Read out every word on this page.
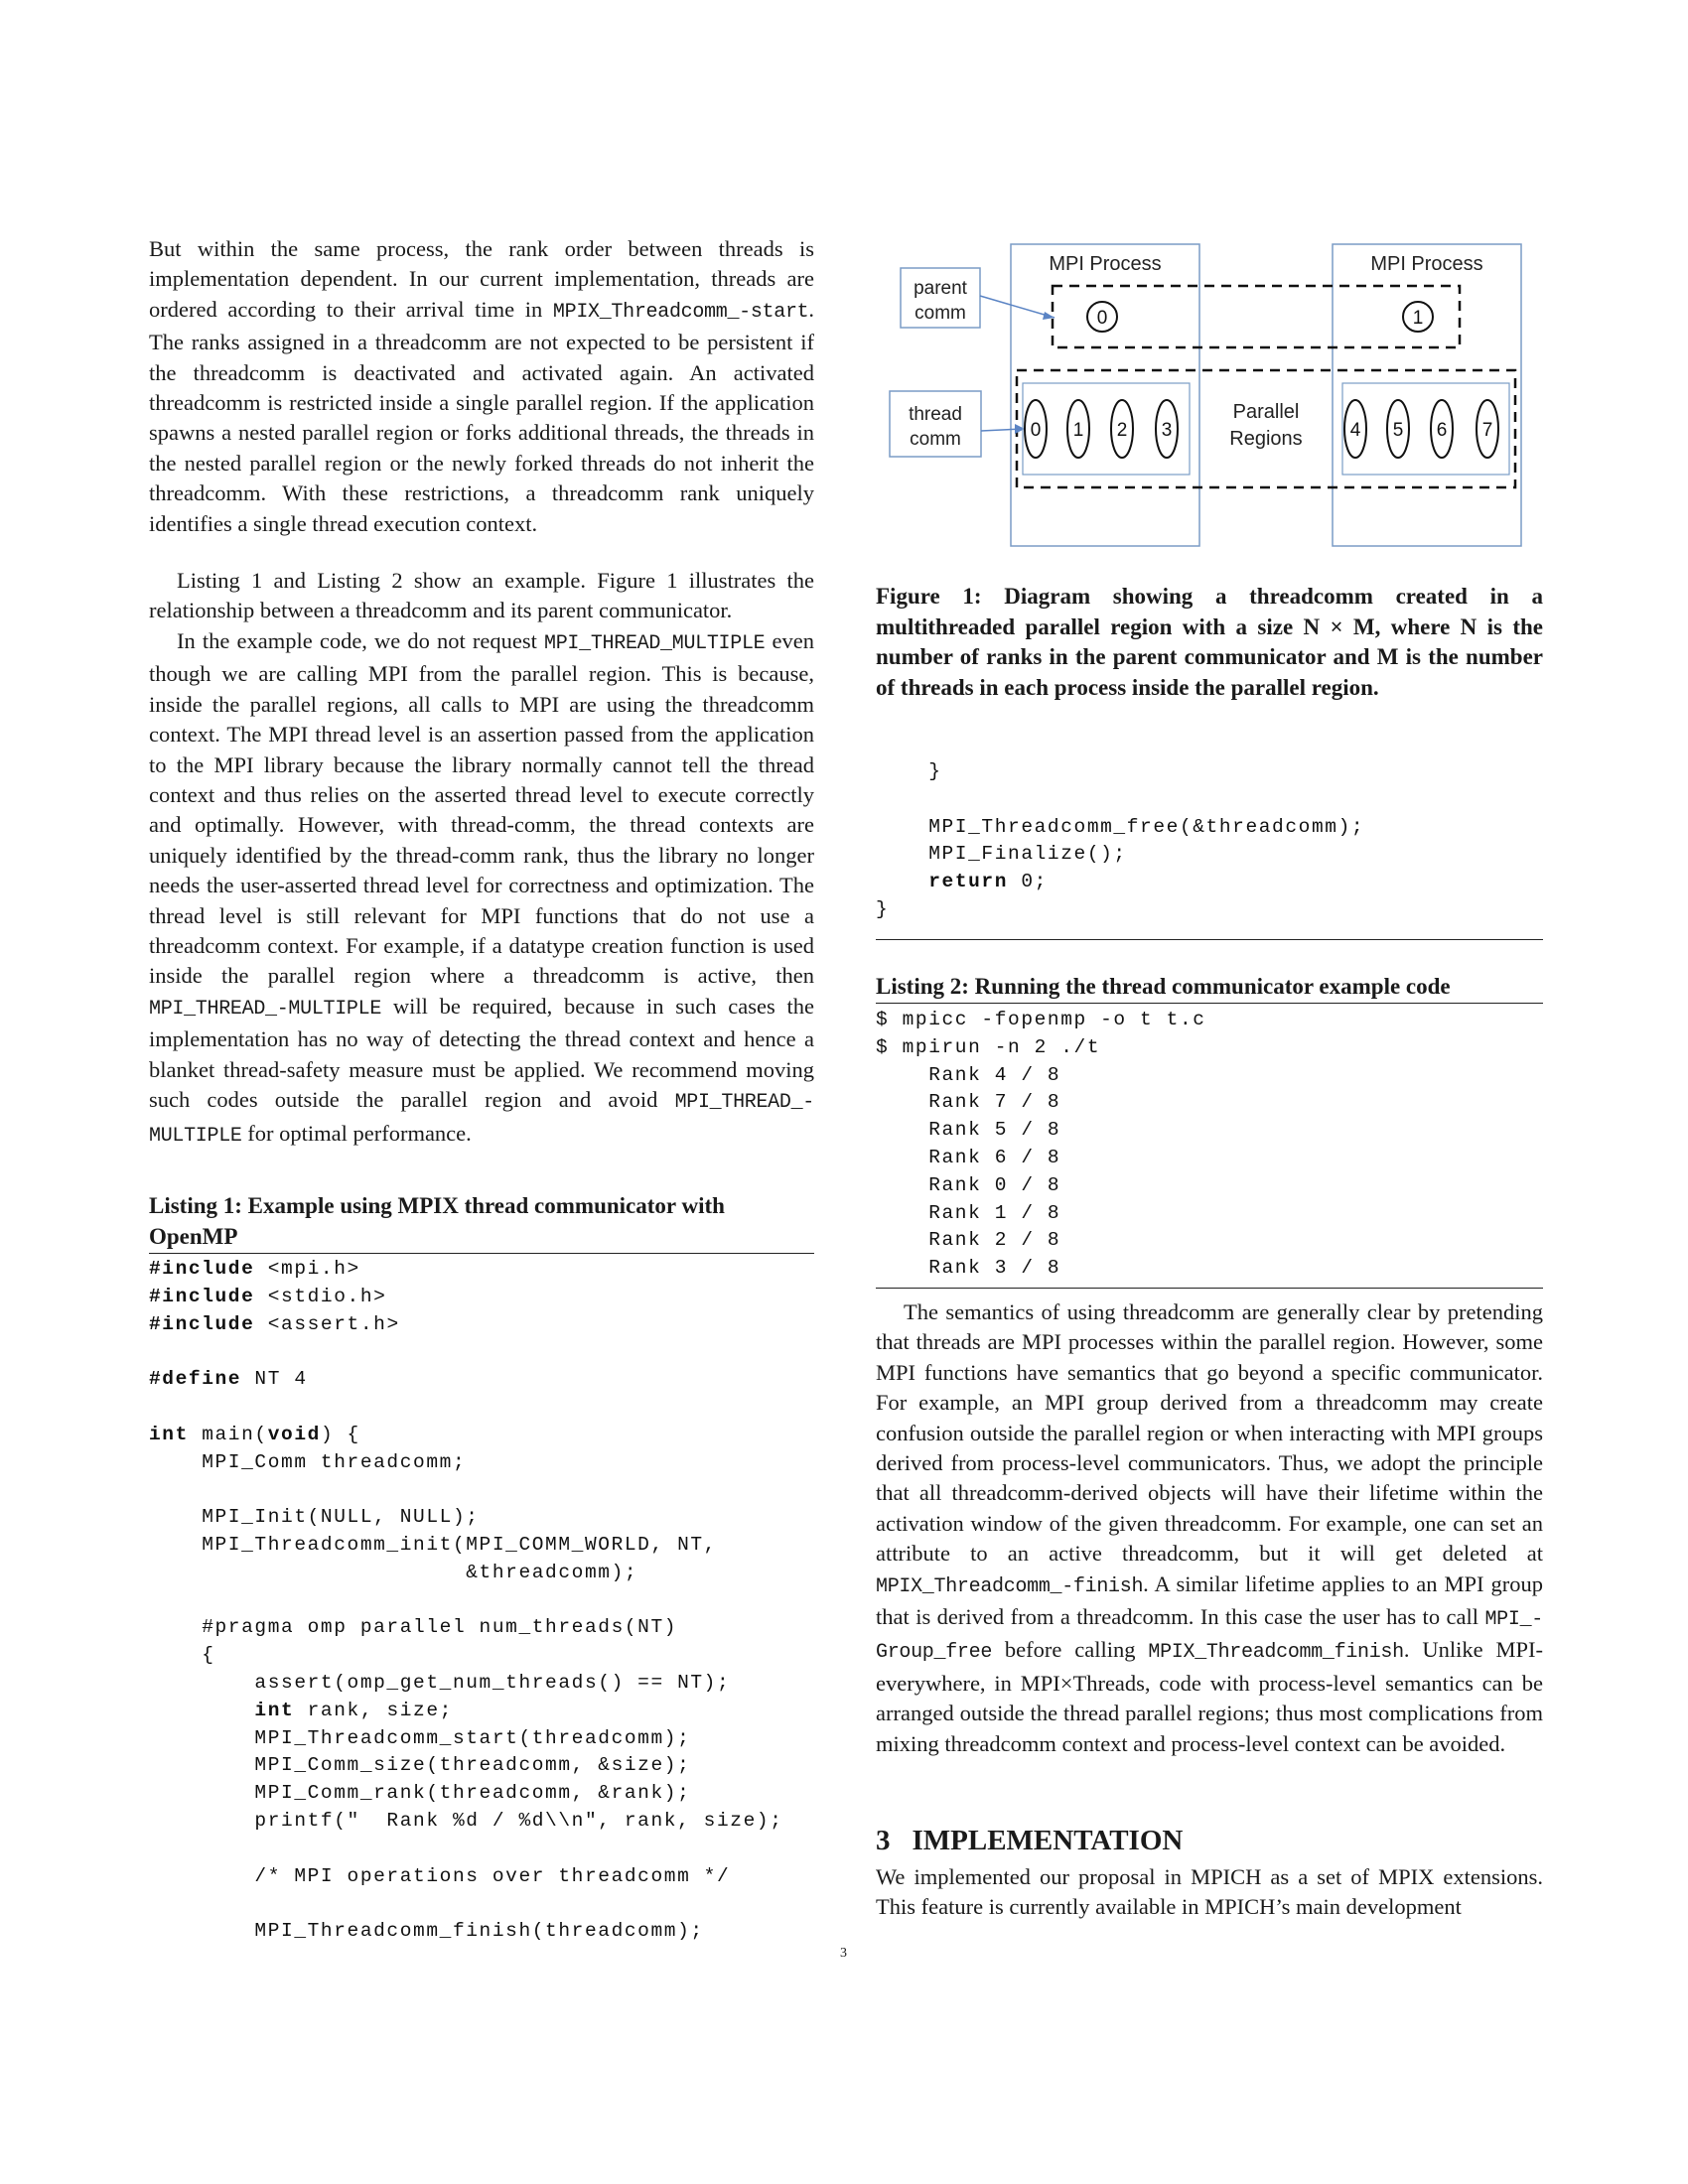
But within the same process, the rank order between threads is implementation dependent. In our current implementation, threads are ordered according to their arrival time in MPIX_Threadcomm_-start. The ranks assigned in a threadcomm are not expected to be persistent if the threadcomm is deactivated and activated again. An activated threadcomm is restricted inside a single parallel region. If the application spawns a nested parallel region or forks additional threads, the threads in the nested parallel region or the newly forked threads do not inherit the threadcomm. With these restrictions, a threadcomm rank uniquely identifies a single thread execution context.

Listing 1 and Listing 2 show an example. Figure 1 illustrates the relationship between a threadcomm and its parent communicator.

In the example code, we do not request MPI_THREAD_MULTIPLE even though we are calling MPI from the parallel region. This is because, inside the parallel regions, all calls to MPI are using the threadcomm context. The MPI thread level is an assertion passed from the application to the MPI library because the library normally cannot tell the thread context and thus relies on the asserted thread level to execute correctly and optimally. However, with thread-comm, the thread contexts are uniquely identified by the thread-comm rank, thus the library no longer needs the user-asserted thread level for correctness and optimization. The thread level is still relevant for MPI functions that do not use a threadcomm context. For example, if a datatype creation function is used inside the parallel region where a threadcomm is active, then MPI_THREAD_-MULTIPLE will be required, because in such cases the implementation has no way of detecting the thread context and hence a blanket thread-safety measure must be applied. We recommend moving such codes outside the parallel region and avoid MPI_THREAD_-MULTIPLE for optimal performance.

Listing 1: Example using MPIX thread communicator with OpenMP

#include <mpi.h>
#include <stdio.h>
#include <assert.h>

#define NT 4

int main(void) {
MPI_Comm threadcomm;

MPI_Init(NULL, NULL);
MPI_Threadcomm_init(MPI_COMM_WORLD, NT,
&threadcomm);

#pragma omp parallel num_threads(NT)
{
assert(omp_get_num_threads() == NT);
int rank, size;
MPI_Threadcomm_start(threadcomm);
MPI_Comm_size(threadcomm, &size);
MPI_Comm_rank(threadcomm, &rank);
printf("  Rank %d / %d\\n", rank, size);

/* MPI operations over threadcomm */

MPI_Threadcomm_finish(threadcomm);
MPI Process	MPI Process
parent
comm
thread
comm
0	1
0 1 2 3	4 5 6 7
Parallel
Regions

Figure 1: Diagram showing a threadcomm created in a multithreaded parallel region with a size N × M, where N is the number of ranks in the parent communicator and M is the number of threads in each process inside the parallel region.

}

MPI_Threadcomm_free(&threadcomm);
MPI_Finalize();
return 0;
}

Listing 2: Running the thread communicator example code

$ mpicc -fopenmp -o t t.c
$ mpirun -n 2 ./t
Rank 4 / 8
Rank 7 / 8
Rank 5 / 8
Rank 6 / 8
Rank 0 / 8
Rank 1 / 8
Rank 2 / 8
Rank 3 / 8

The semantics of using threadcomm are generally clear by pretending that threads are MPI processes within the parallel region. However, some MPI functions have semantics that go beyond a specific communicator. For example, an MPI group derived from a threadcomm may create confusion outside the parallel region or when interacting with MPI groups derived from process-level communicators. Thus, we adopt the principle that all threadcomm-derived objects will have their lifetime within the activation window of the given threadcomm. For example, one can set an attribute to an active threadcomm, but it will get deleted at MPIX_Threadcomm_-finish. A similar lifetime applies to an MPI group that is derived from a threadcomm. In this case the user has to call MPI_-Group_free before calling MPIX_Threadcomm_finish. Unlike MPI-everywhere, in MPI×Threads, code with process-level semantics can be arranged outside the thread parallel regions; thus most complications from mixing threadcomm context and process-level context can be avoided.

3 IMPLEMENTATION

We implemented our proposal in MPICH as a set of MPIX extensions. This feature is currently available in MPICH’s main development

3
